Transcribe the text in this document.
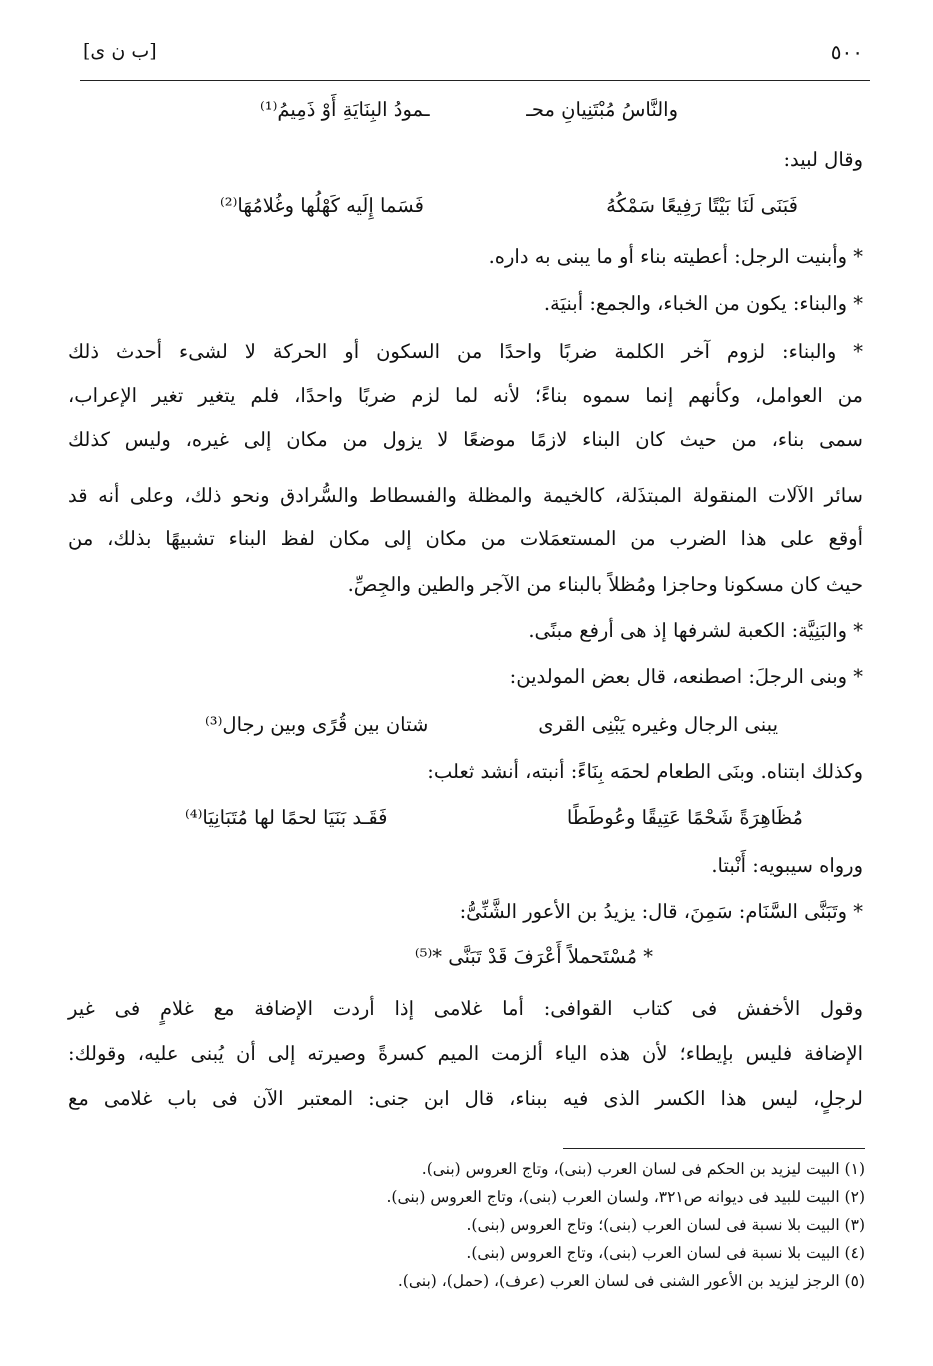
٥٠٠
[ب ن ى]
والنَّاسُ مُبْتَنِيانِ محـ
ـمودُ البِنَايَةِ أَوْ ذَمِيمُ⁽¹⁾
وقال لبيد:
فَبَنَى لَنَا بَيْتًا رَفِيعًا سَمْكُهُ
فَسَما إِلَيه كَهْلُها وغُلامُهَا⁽²⁾
* وأبنيت الرجل: أعطيته بناء أو ما يبنى به داره.
* والبناء: يكون من الخباء، والجمع: أبنيَة.
* والبناء: لزوم آخر الكلمة ضربًا واحدًا من السكون أو الحركة لا لشىء أحدث ذلك
من العوامل، وكأنهم إنما سموه بناءً؛ لأنه لما لزم ضربًا واحدًا، فلم يتغير تغير الإعراب،
سمى بناء، من حيث كان البناء لازمًا موضعًا لا يزول من مكان إلى غيره، وليس كذلك
سائر الآلات المنقولة المبتذَلة، كالخيمة والمظلة والفسطاط والسُّرادق ونحو ذلك، وعلى أنه قد
أوقع على هذا الضرب من المستعمَلات من مكان إلى مكان لفظ البناء تشبيهًا بذلك، من
حيث كان مسكونا وحاجزا ومُظلاً بالبناء من الآجر والطين والجِصِّ.
* والبَنِيَّة: الكعبة لشرفها إذ هى أرفع مبنًى.
* وبنى الرجلَ: اصطنعه، قال بعض المولدين:
يبنى الرجال وغيره يَبْنِى القرى
شتان بين قُرًى وبين رجال⁽³⁾
وكذلك ابتناه. وبنَى الطعام لحمَه بِنَاءً: أنبته، أنشد ثعلب:
مُظَاهِرَةً شَحْمًا عَتِيقًا وعُوطَطًا
فَقَـد بَنَيَا لحمًا لها مُتَبَانِيَا⁽⁴⁾
ورواه سيبويه: أَنْبتا.
* وتَبَنَّى السَّنَام: سَمِنَ، قال: يزيدُ بن الأعور الشَّنِّىُّ:
* مُسْتَحملاً أَعْرَفَ قَدْ تَبَنَّى *⁽⁵⁾
وقول الأخفش فى كتاب القوافى: أما غلامى إذا أردت الإضافة مع غلامٍ فى غير
الإضافة فليس بإيطاء؛ لأن هذه الياء ألزمت الميم كسرةً وصيرته إلى أن يُبنى عليه، وقولك:
لرجلٍ، ليس هذا الكسر الذى فيه ببناء، قال ابن جنى: المعتبر الآن فى باب غلامى مع
(١) البيت ليزيد بن الحكم فى لسان العرب (بنى)، وتاج العروس (بنى).
(٢) البيت للبيد فى ديوانه ص٣٢١، ولسان العرب (بنى)، وتاج العروس (بنى).
(٣) البيت بلا نسبة فى لسان العرب (بنى)؛ وتاج العروس (بنى).
(٤) البيت بلا نسبة فى لسان العرب (بنى)، وتاج العروس (بنى).
(٥) الرجز ليزيد بن الأعور الشنى فى لسان العرب (عرف)، (حمل)، (بنى).
